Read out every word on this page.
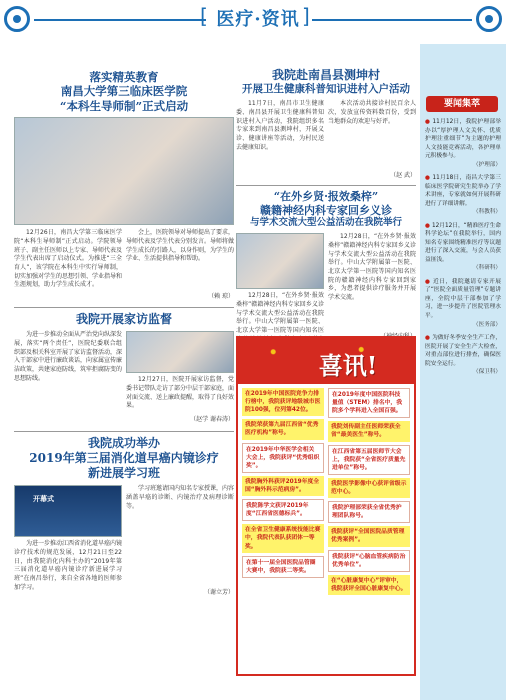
[ 医疗·资讯 ]
落实精英教育
南昌大学第三临床医学院
“本科生导师制”正式启动

12月26日，南昌大学第三临床医学院“本科生导师制”正式启动。学院领导班子、副主任医师以上专家、导师代表及学生代表出席了启动仪式。为推进“三全育人”，该学院在本科生中实行导师制，切实加强对学生的思想引领、学业指导和生涯规划，助力学生成长成才。

会上，医院领导对导师提出了要求，导师代表及学生代表分别发言。导师将做学生成长的引路人，以身作则，为学生的学业、生活提供指导和帮助。

（赖 琼）
我院开展家访监督

为进一步推动全面从严治党向纵深发展，落实“两个责任”，医院纪委联合组织部及相关科室开展了家访监督活动，深入干部家中进行廉政谈话，向家属宣传廉洁政策，共建家庭防线，筑牢拒腐防变的思想防线。	12月27日，医院开展家访监督，党委书记带队走访了部分中层干部家庭，面对面交流、送上廉政提醒，取得了良好效果。

（赵学 谢春涛）
我院成功举办
2019年第三届消化道早癌内镜诊疗
新进展学习班
开幕式

为进一步推动江西省消化道早癌内镜诊疗技术的规范发展，12月21日至22日，由我院消化内科主办的“2019年第三届消化道早癌内镜诊疗新进展学习班”在南昌举行，来自全省各地的医师参加学习。

学习班邀请国内知名专家授课，内容涵盖早癌的诊断、内镜治疗及病理诊断等。

（谢立芳）
我院赴南昌县测坤村
开展卫生健康科普知识进村入户活动

11月7日，南昌市卫生健康委、南昌县开展卫生健康科普知识进村入户活动，我院组织多名专家来到南昌县测坤村，开展义诊、健康讲座等活动，为村民送去健康知识。

本次活动共接诊村民百余人次，发放宣传资料数百份，受到当地群众的欢迎与好评。

（赵 武）
“在外乡贤·报效桑梓”
赣籍神经内科专家回乡义诊
与学术交流大型公益活动在我院举行

12月28日，“在外乡贤·报效桑梓”赣籍神经内科专家回乡义诊与学术交流大型公益活动在我院举行。中山大学附属第一医院、北京大学第一医院等国内知名医

12月28日，“在外乡贤·报效桑梓”赣籍神经内科专家回乡义诊与学术交流大型公益活动在我院举行。中山大学附属第一医院、北京大学第一医院等国内知名医院的赣籍神经内科专家回到家乡，为患者提供诊疗服务并开展学术交流。

喜讯!
在2019年中国医院竞争力排行榜中，我院获评地级城市医院100强，位列第42位。
我院荣获第九届江西省“优秀医疗机构”称号。
在2019年中华医学会相关大会上，我院获评“优秀组织奖”。
我院胸外科获评2019年度全国“胸外科示范病房”。
我院陈学文获评2019年度“江西省医德标兵”。
在全省卫生健康系统技能比赛中，我院代表队获团体一等奖。
在第十一届全国医院品管圈大赛中，我院获二等奖。
在2019年度中国医院科技量值（STEM）排名中，我院多个学科进入全国百强。
我院刘传副主任医师荣获全省“最美医生”称号。
在江西省第五届医师节大会上，我院获“全省医疗质量先进单位”称号。
我院医学影像中心获评省级示范中心。
我院护理部荣获全省优秀护理团队称号。
我院获评“全国医院品质管理优秀案例”。
我院获评“心脑血管疾病防治优秀单位”。
在“心脏康复中心”评审中，我院获评全国心脏康复中心。
要闻集萃
● 11月12日，我院护理部举办以“厚护理人文关怀、优质护理注重细节”为主题的护理人文技能竞赛活动，各护理单元积极参与。
（护理部）
● 11月18日，南昌大学第三临床医学院研究生院举办了学术讲座，专家就如何开展科研进行了详细讲解。
（科教科）
● 12月12日，“精准医疗生命科学论坛”在我院举行，国内知名专家围绕精准医疗等议题进行了深入交流，与会人员获益匪浅。
（科研科）
● 近日，我院邀请专家开展了“医院全面质量管理”专题讲座，全院中层干部参加了学习，进一步提升了医院管理水平。
（医务部）
● 为做好冬季安全生产工作，医院开展了安全生产大检查，对重点部位进行排查，确保医院安全运行。
（保卫科）
